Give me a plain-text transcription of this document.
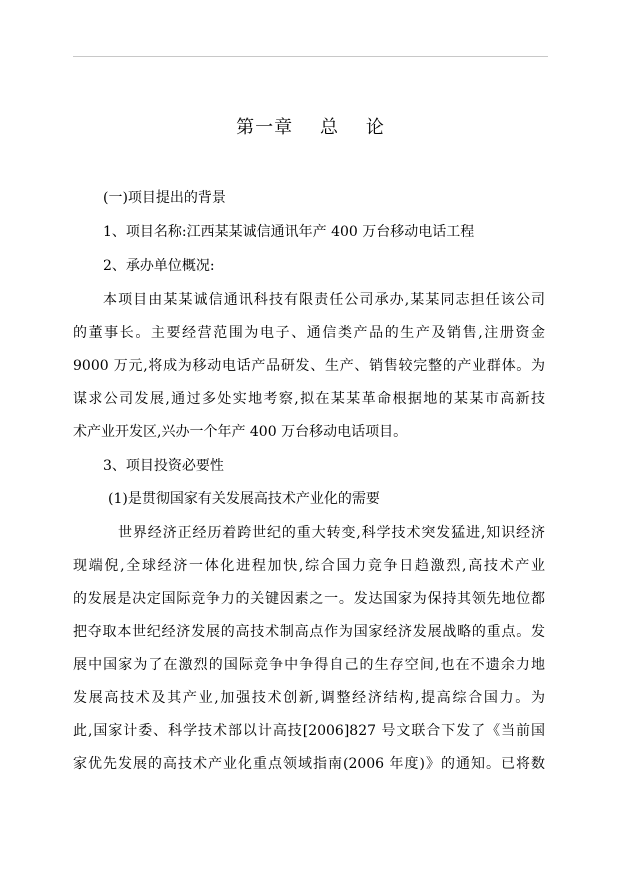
第一章    总    论
(一)项目提出的背景
1、项目名称:江西某某诚信通讯年产 400 万台移动电话工程
2、承办单位概况:
本项目由某某诚信通讯科技有限责任公司承办,某某同志担任该公司
的董事长。主要经营范围为电子、通信类产品的生产及销售,注册资金
9000 万元,将成为移动电话产品研发、生产、销售较完整的产业群体。为
谋求公司发展,通过多处实地考察,拟在某某革命根据地的某某市高新技
术产业开发区,兴办一个年产 400 万台移动电话项目。
3、项目投资必要性
(1)是贯彻国家有关发展高技术产业化的需要
世界经济正经历着跨世纪的重大转变,科学技术突发猛进,知识经济
现端倪,全球经济一体化进程加快,综合国力竞争日趋激烈,高技术产业
的发展是决定国际竞争力的关键因素之一。发达国家为保持其领先地位都
把夺取本世纪经济发展的高技术制高点作为国家经济发展战略的重点。发
展中国家为了在激烈的国际竞争中争得自己的生存空间,也在不遗余力地
发展高技术及其产业,加强技术创新,调整经济结构,提高综合国力。为
此,国家计委、科学技术部以计高技[2006]827 号文联合下发了《当前国
家优先发展的高技术产业化重点领域指南(2006 年度)》的通知。已将数
